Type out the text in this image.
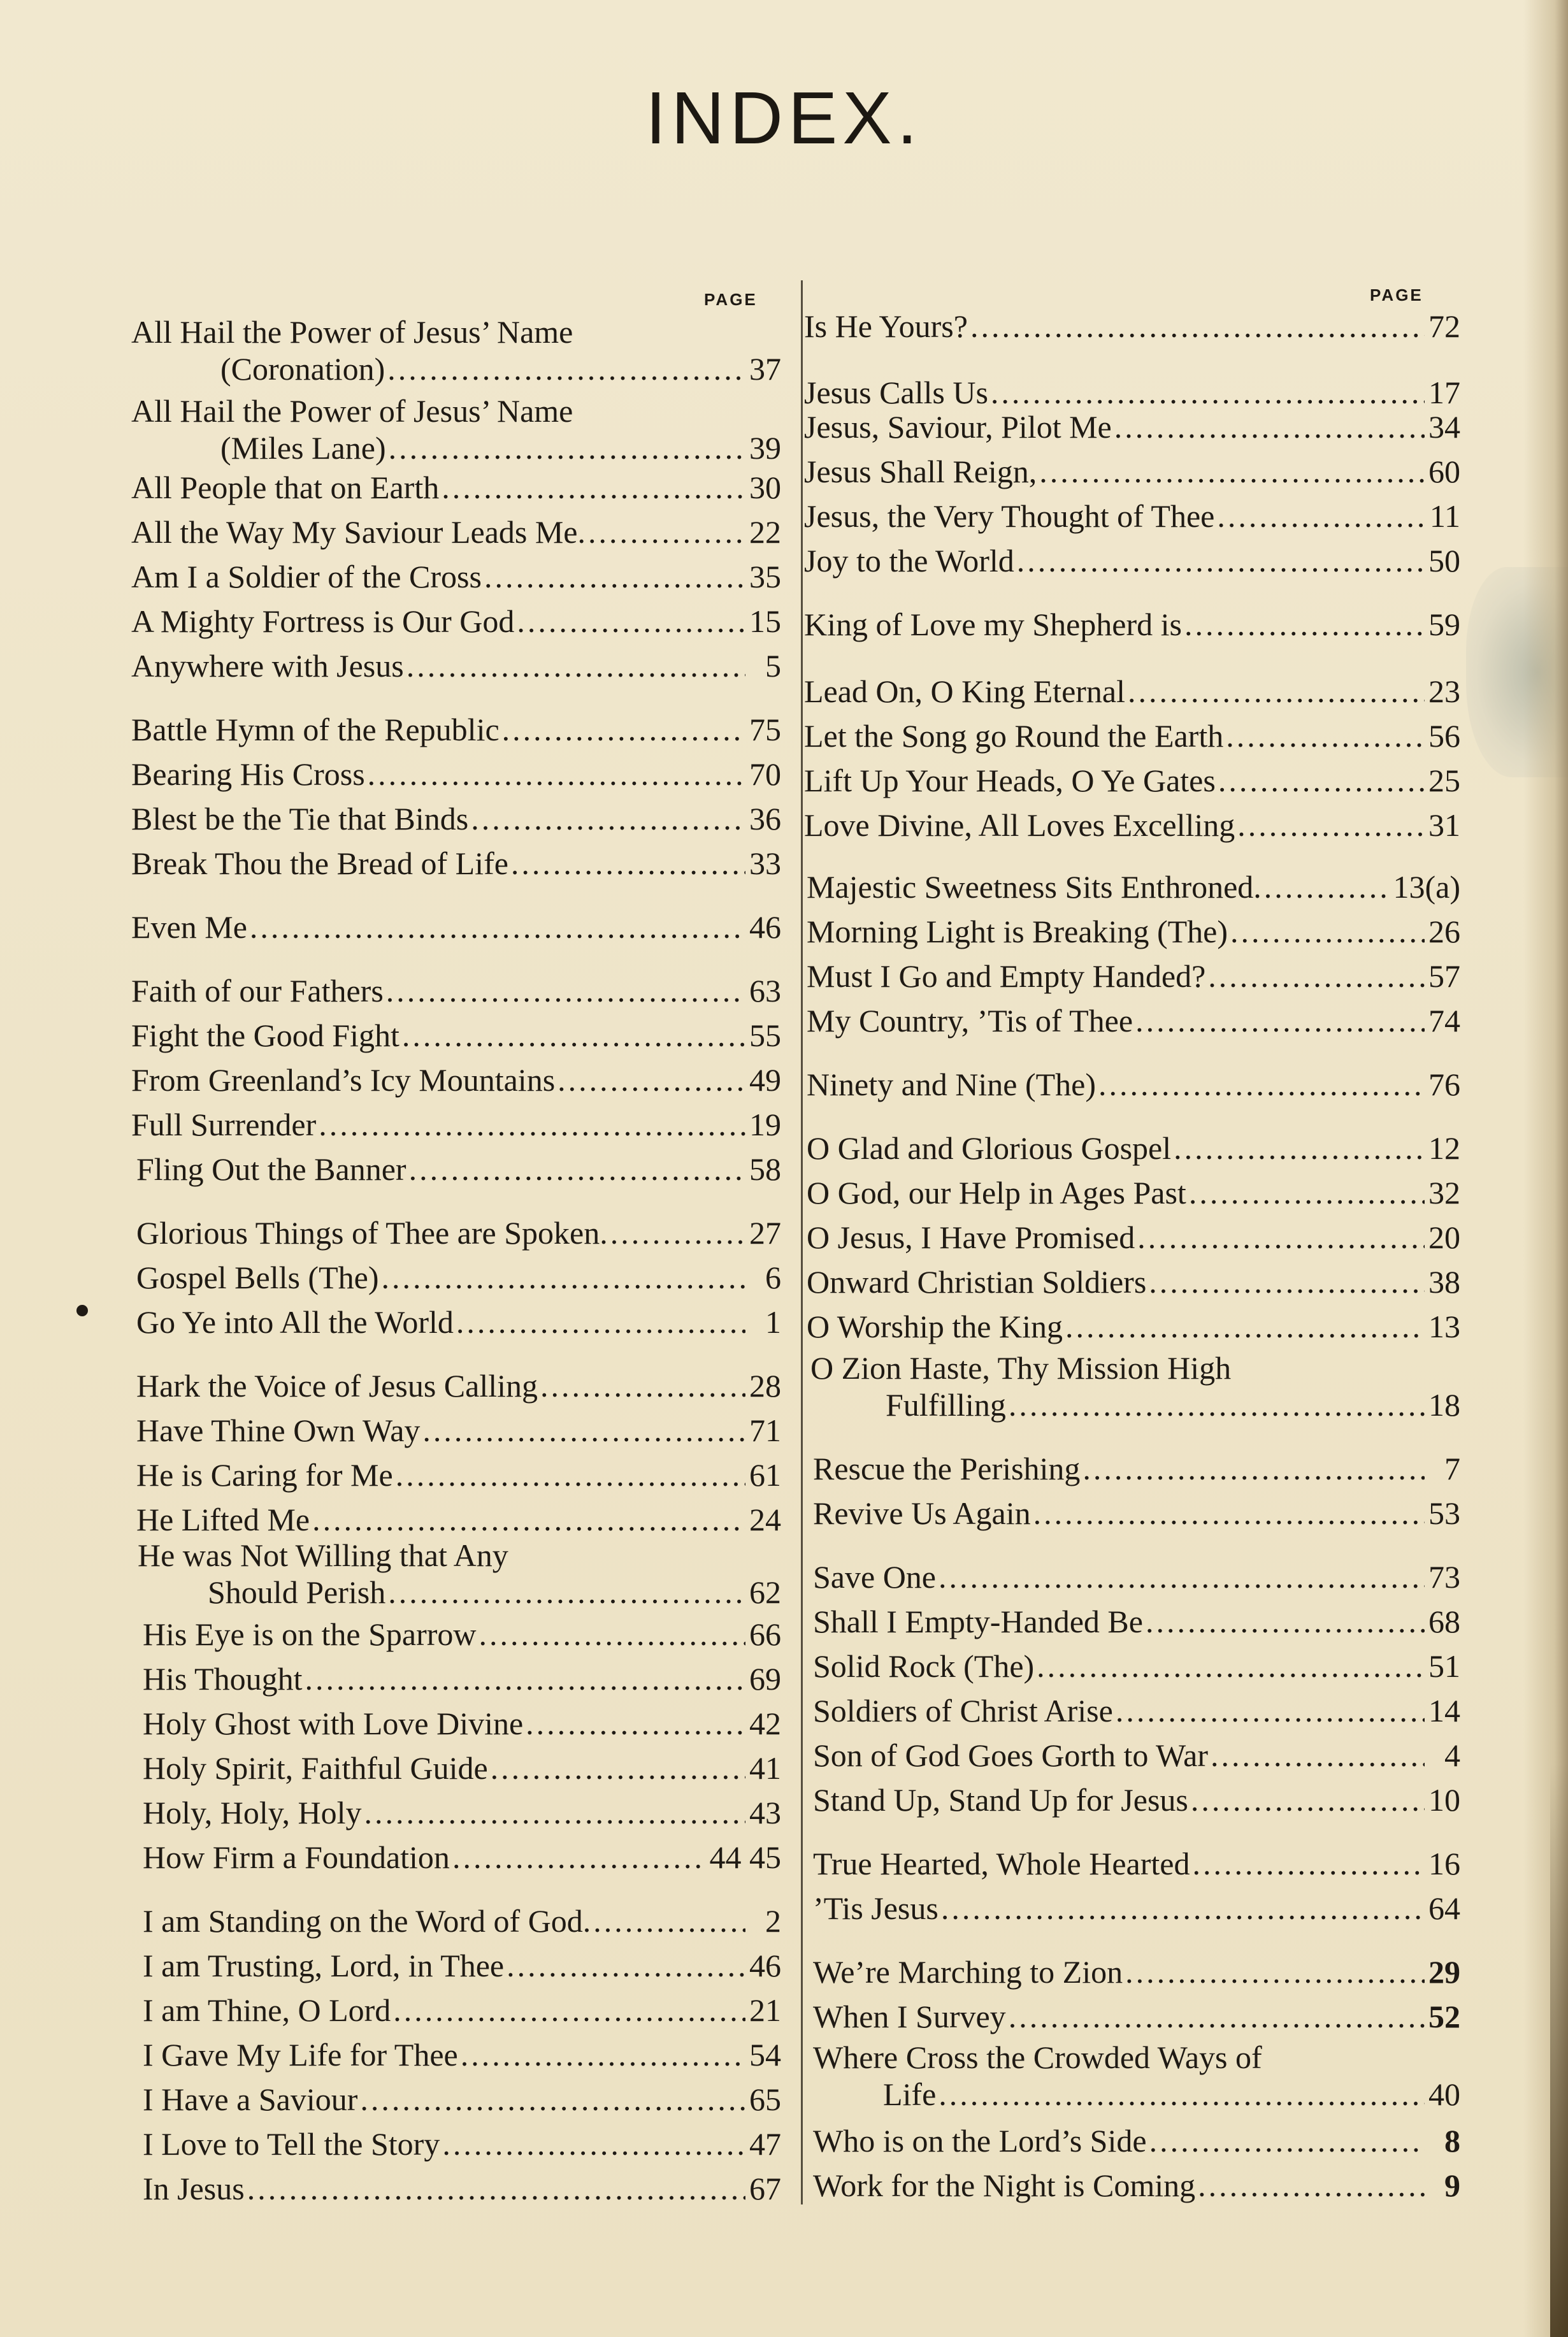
INDEX.
PAGE	PAGE
All Hail the Power of Jesus’ Name
(Coronation) .....	37
All Hail the Power of Jesus’ Name
(Miles Lane) .....	39
All People that on Earth .....	30
All the Way My Saviour Leads Me. .....	22
Am I a Soldier of the Cross .....	35
A Mighty Fortress is Our God .....	15
Anywhere with Jesus .....	5
Battle Hymn of the Republic .....	75
Bearing His Cross .....	70
Blest be the Tie that Binds .....	36
Break Thou the Bread of Life .....	33
Even Me .....	46
Faith of our Fathers .....	63
Fight the Good Fight .....	55
From Greenland’s Icy Mountains .....	49
Full Surrender .....	19
Fling Out the Banner .....	58
Glorious Things of Thee are Spoken. .....	27
Gospel Bells (The) .....	6
Go Ye into All the World .....	1
Hark the Voice of Jesus Calling .....	28
Have Thine Own Way .....	71
He is Caring for Me .....	61
He Lifted Me .....	24
He was Not Willing that Any
Should Perish .....	62
His Eye is on the Sparrow .....	66
His Thought .....	69
Holy Ghost with Love Divine .....	42
Holy Spirit, Faithful Guide .....	41
Holy, Holy, Holy .....	43
How Firm a Foundation .....	44 45
I am Standing on the Word of God. .....	2
I am Trusting, Lord, in Thee .....	46
I am Thine, O Lord .....	21
I Gave My Life for Thee .....	54
I Have a Saviour .....	65
I Love to Tell the Story .....	47
In Jesus .....	67
Is He Yours? .....	72
Jesus Calls Us .....	17
Jesus, Saviour, Pilot Me .....	34
Jesus Shall Reign, .....	60
Jesus, the Very Thought of Thee .....	11
Joy to the World .....	50
King of Love my Shepherd is .....	59
Lead On, O King Eternal .....	23
Let the Song go Round the Earth .....	56
Lift Up Your Heads, O Ye Gates .....	25
Love Divine, All Loves Excelling .....	31
Majestic Sweetness Sits Enthroned. .....	13(a)
Morning Light is Breaking (The) .....	26
Must I Go and Empty Handed? .....	57
My Country, ’Tis of Thee .....	74
Ninety and Nine (The) .....	76
O Glad and Glorious Gospel .....	12
O God, our Help in Ages Past .....	32
O Jesus, I Have Promised .....	20
Onward Christian Soldiers .....	38
O Worship the King .....	13
O Zion Haste, Thy Mission High
Fulfilling .....	18
Rescue the Perishing .....	7
Revive Us Again .....	53
Save One .....	73
Shall I Empty-Handed Be .....	68
Solid Rock (The) .....	51
Soldiers of Christ Arise .....	14
Son of God Goes Gorth to War .....	4
Stand Up, Stand Up for Jesus .....	10
True Hearted, Whole Hearted .....	16
’Tis Jesus .....	64
We’re Marching to Zion .....	29
When I Survey .....	52
Where Cross the Crowded Ways of
Life .....	40
Who is on the Lord’s Side .....	8
Work for the Night is Coming .....	9
